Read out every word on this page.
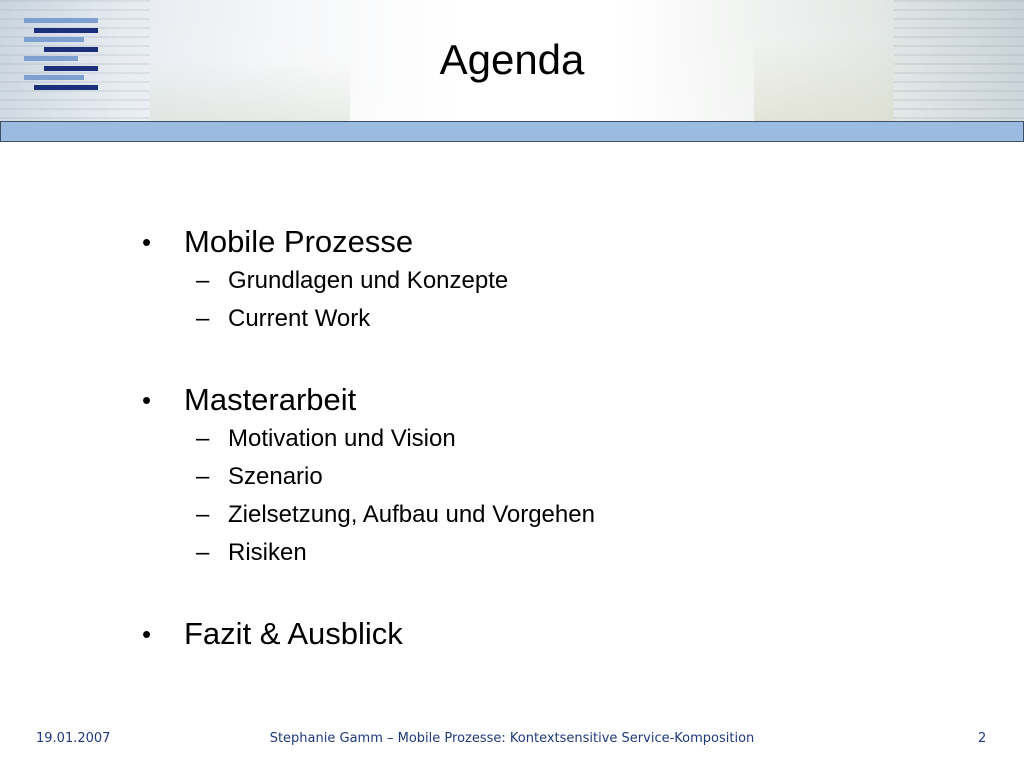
Agenda
• Mobile Prozesse
– Grundlagen und Konzepte
– Current Work
• Masterarbeit
– Motivation und Vision
– Szenario
– Zielsetzung, Aufbau und Vorgehen
– Risiken
• Fazit & Ausblick
19.01.2007	Stephanie Gamm – Mobile Prozesse: Kontextsensitive Service-Komposition	2
